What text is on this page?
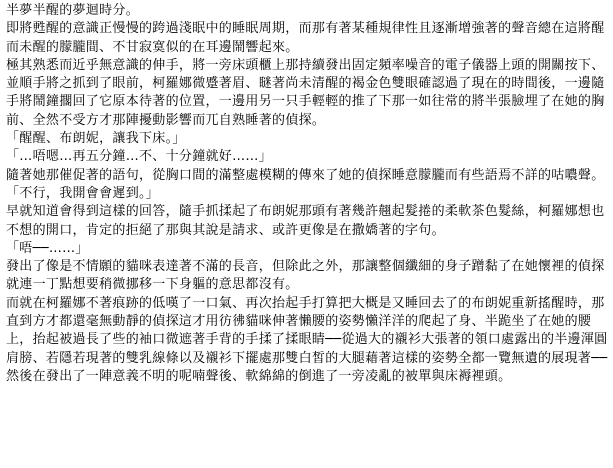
半夢半醒的夢迴時分。

即將甦醒的意識正慢慢的跨過淺眠中的睡眠周期，而那有著某種規律性且逐漸增強著的聲音總在這將醒而未醒的朦朧間、不甘寂寞似的在耳邊鬧響起來。

極其熟悉而近乎無意識的伸手，將一旁床頭櫃上那持續發出固定頻率噪音的電子儀器上頭的開關按下、並順手將之抓到了眼前，柯羅娜微蹙著眉、瞇著尚未清醒的褐金色雙眼確認過了現在的時間後，一邊隨手將鬧鐘擱回了它原本待著的位置，一邊用另一只手輕輕的推了下那一如往常的將半張臉埋了在她的胸前、全然不受方才那陣擾動影響而兀自熟睡著的偵探。

「醒醒、布朗妮，讓我下床。」

「…唔嗯…再五分鐘…不、十分鐘就好……」

隨著她那催促著的語句，從胸口間的滿整處模糊的傳來了她的偵探睡意朦朧而有些語焉不詳的咕噥聲。

「不行，我開會會遲到。」

早就知道會得到這樣的回答，隨手抓揉起了布朗妮那頭有著幾許翹起髮捲的柔軟茶色髮絲，柯羅娜想也不想的開口，肯定的拒絕了那與其說是請求、或許更像是在撒嬌著的字句。

「唔──……」

發出了像是不情願的貓咪表達著不滿的長音，但除此之外，那讓整個纖細的身子蹭黏了在她懷裡的偵探就連一丁點想要稍微挪移一下身軀的意思都沒有。

而就在柯羅娜不著痕跡的低嘆了一口氣、再次抬起手打算把大概是又睡回去了的布朗妮重新搖醒時，那直到方才都還毫無動靜的偵探這才用彷彿貓咪伸著懶腰的姿勢懶洋洋的爬起了身、半跪坐了在她的腰上，抬起被過長了些的袖口微遮著手背的手揉了揉眼睛──從過大的襯衫大張著的領口處露出的半邊渾圓肩膀、若隱若現著的雙乳線條以及襯衫下擺處那雙白皙的大腿藉著這樣的姿勢全都一覽無遺的展現著──然後在發出了一陣意義不明的呢喃聲後、軟綿綿的倒進了一旁凌亂的被單與床褥裡頭。
